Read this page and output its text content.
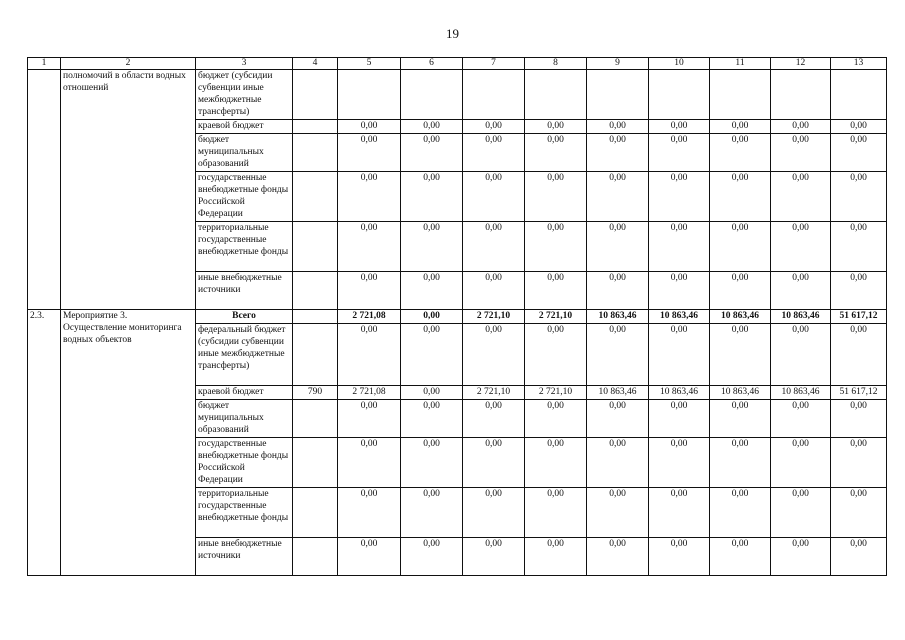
19
1	2	3	4	5	6	7	8	9	10	11	12	13
	полномочий в области водных отношений	бюджет (субсидии субвенции иные межбюджетные трансферты)										
		краевой бюджет		0,00	0,00	0,00	0,00	0,00	0,00	0,00	0,00	0,00
		бюджет муниципальных образований		0,00	0,00	0,00	0,00	0,00	0,00	0,00	0,00	0,00
		государственные внебюджетные фонды Российской Федерации		0,00	0,00	0,00	0,00	0,00	0,00	0,00	0,00	0,00
		территориальные государственные внебюджетные фонды		0,00	0,00	0,00	0,00	0,00	0,00	0,00	0,00	0,00
		иные внебюджетные источники		0,00	0,00	0,00	0,00	0,00	0,00	0,00	0,00	0,00
2.3.	Мероприятие 3. Осуществление мониторинга водных объектов	Всего		2 721,08	0,00	2 721,10	2 721,10	10 863,46	10 863,46	10 863,46	10 863,46	51 617,12
		федеральный бюджет (субсидии субвенции иные межбюджетные трансферты)		0,00	0,00	0,00	0,00	0,00	0,00	0,00	0,00	0,00
		краевой бюджет	790	2 721,08	0,00	2 721,10	2 721,10	10 863,46	10 863,46	10 863,46	10 863,46	51 617,12
		бюджет муниципальных образований		0,00	0,00	0,00	0,00	0,00	0,00	0,00	0,00	0,00
		государственные внебюджетные фонды Российской Федерации		0,00	0,00	0,00	0,00	0,00	0,00	0,00	0,00	0,00
		территориальные государственные внебюджетные фонды		0,00	0,00	0,00	0,00	0,00	0,00	0,00	0,00	0,00
		иные внебюджетные источники		0,00	0,00	0,00	0,00	0,00	0,00	0,00	0,00	0,00
